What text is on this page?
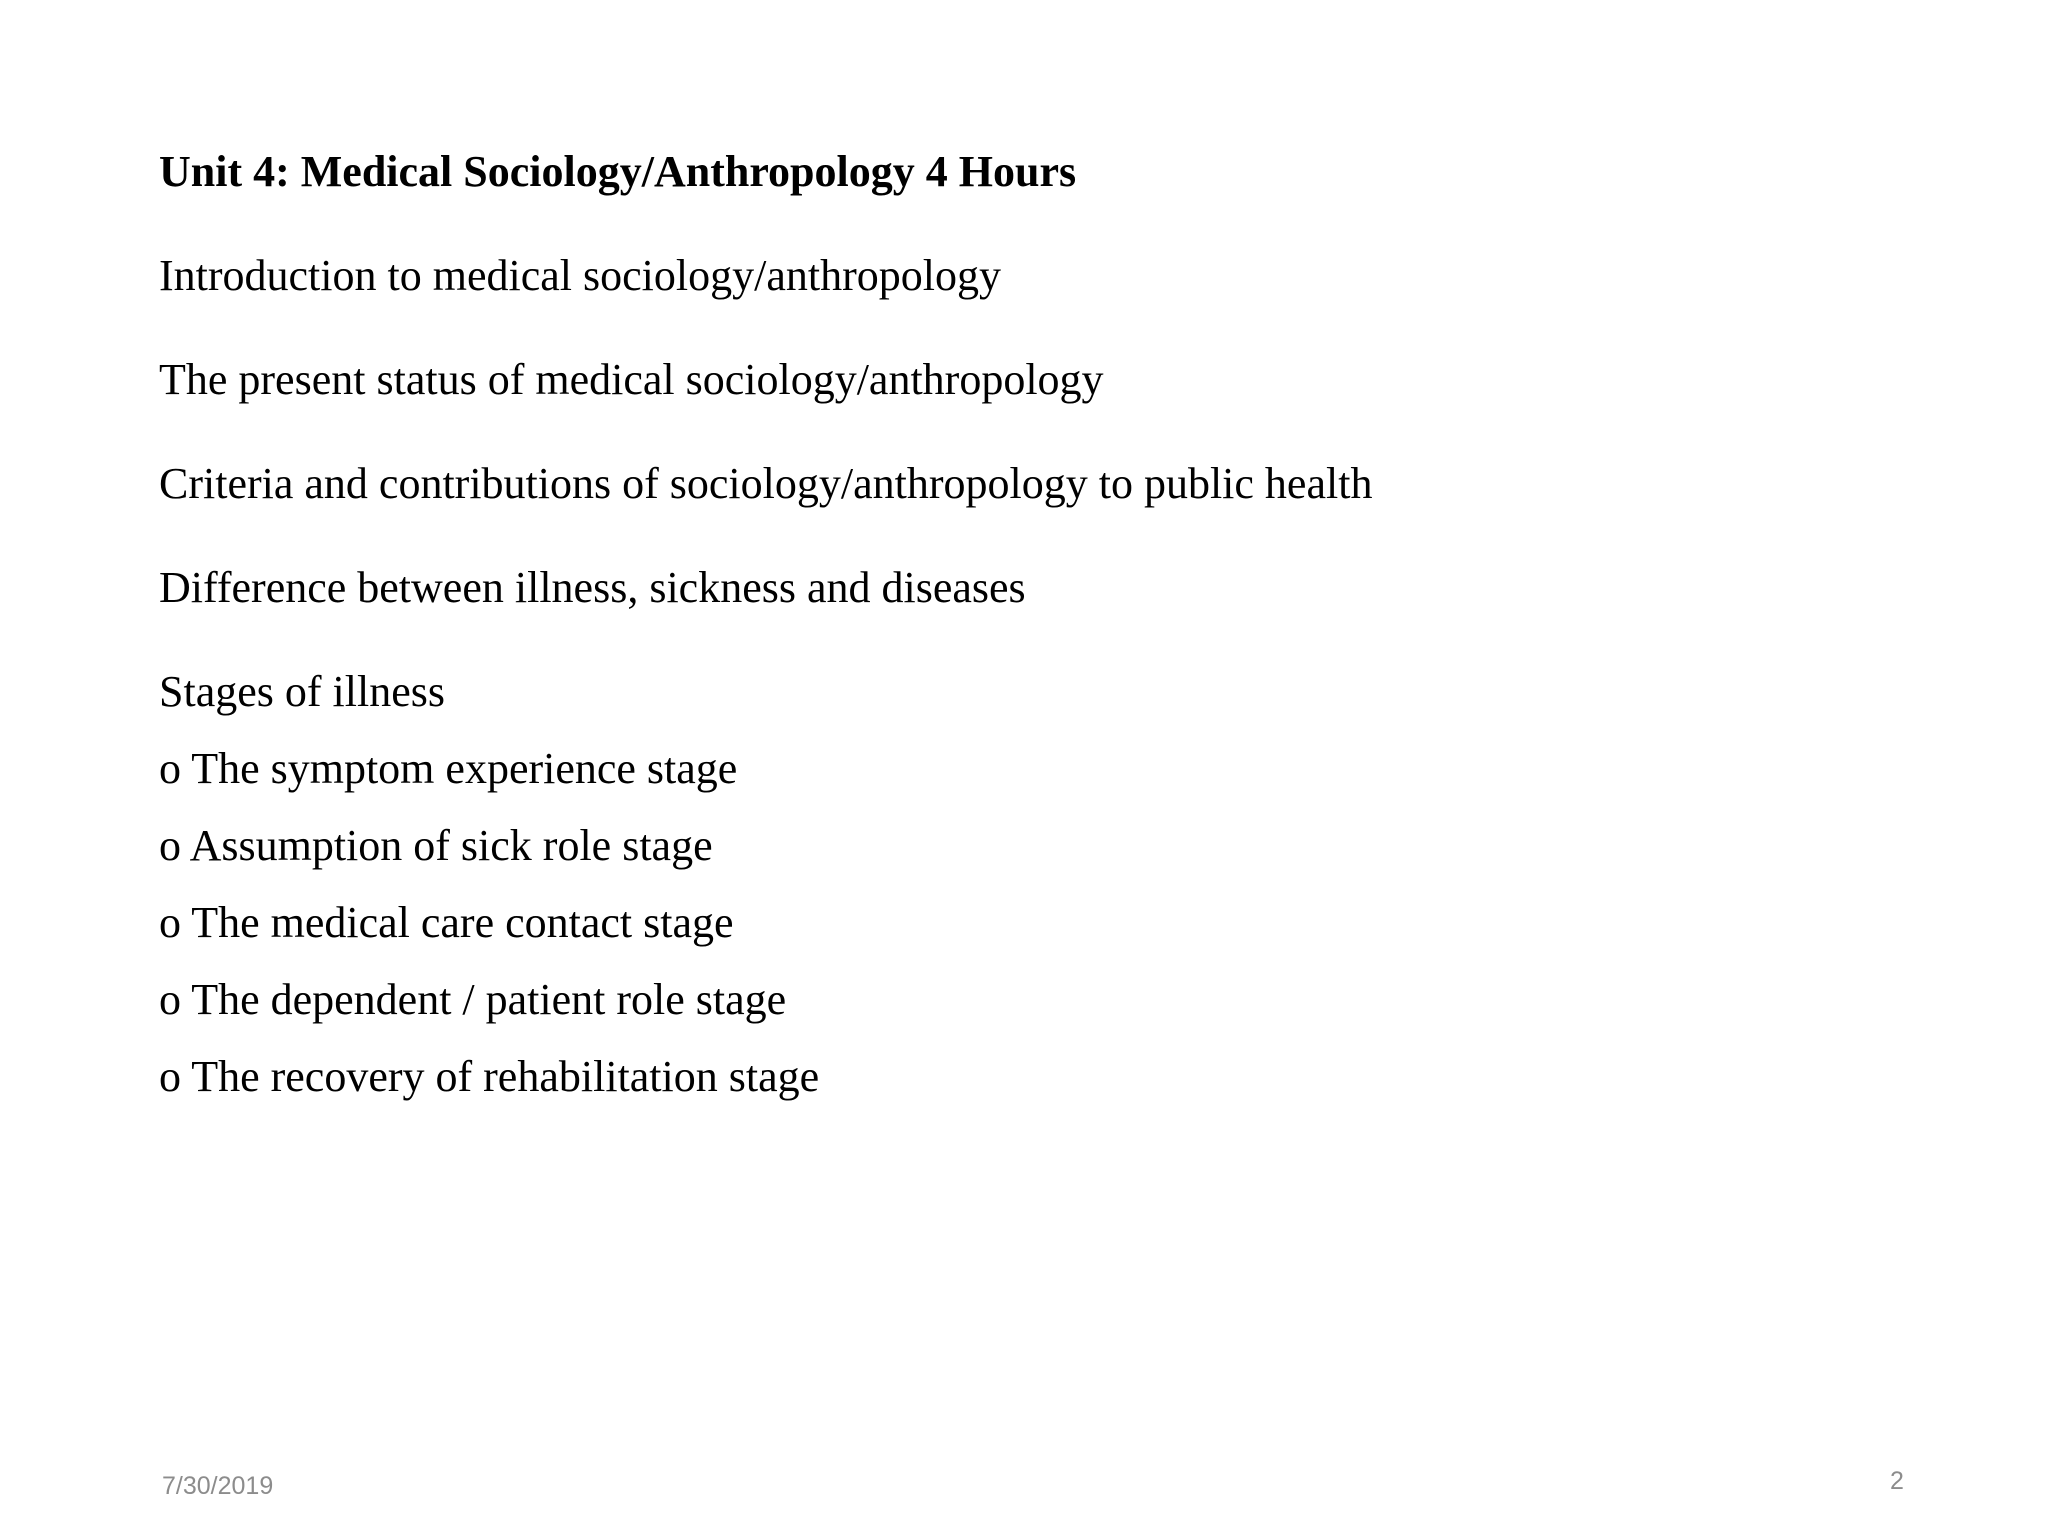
Unit 4: Medical Sociology/Anthropology 4 Hours
Introduction to medical sociology/anthropology
The present status of medical sociology/anthropology
Criteria and contributions of sociology/anthropology to public health
Difference between illness, sickness and diseases
Stages of illness
o The symptom experience stage
o Assumption of sick role stage
o The medical care contact stage
o The dependent / patient role stage
o The recovery of rehabilitation stage
7/30/2019	2
